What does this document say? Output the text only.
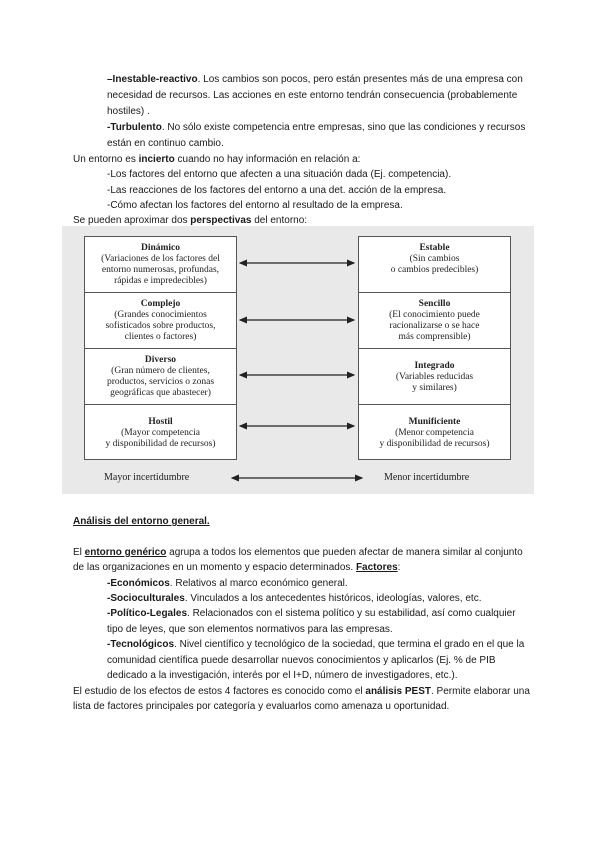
–Inestable-reactivo. Los cambios son pocos, pero están presentes más de una empresa con
necesidad de recursos. Las acciones en este entorno tendrán consecuencia (probablemente
hostiles) .
-Turbulento. No sólo existe competencia entre empresas, sino que las condiciones y recursos
están en continuo cambio.
Un entorno es incierto cuando no hay información en relación a:
-Los factores del entorno que afecten a una situación dada (Ej. competencia).
-Las reacciones de los factores del entorno a una det. acción de la empresa.
-Cómo afectan los factores del entorno al resultado de la empresa.
Se pueden aproximar dos perspectivas del entorno:
Dinámico
(Variaciones de los factores del
entorno numerosas, profundas,
rápidas e impredecibles)
Complejo
(Grandes conocimientos
sofisticados sobre productos,
clientes o factores)
Diverso
(Gran número de clientes,
productos, servicios o zonas
geográficas que abastecer)
Hostil
(Mayor competencia
y disponibilidad de recursos)
Estable
(Sin cambios
o cambios predecibles)
Sencillo
(El conocimiento puede
racionalizarse o se hace
más comprensible)
Integrado
(Variables reducidas
y similares)
Munificiente
(Menor competencia
y disponibilidad de recursos)
Mayor incertidumbre	Menor incertidumbre
Análisis del entorno general.
El entorno genérico agrupa a todos los elementos que pueden afectar de manera similar al conjunto
de las organizaciones en un momento y espacio determinados. Factores:
-Económicos. Relativos al marco económico general.
-Socioculturales. Vinculados a los antecedentes históricos, ideologías, valores, etc.
-Político-Legales. Relacionados con el sistema político y su estabilidad, así como cualquier
tipo de leyes, que son elementos normativos para las empresas.
-Tecnológicos. Nivel científico y tecnológico de la sociedad, que termina el grado en el que la
comunidad científica puede desarrollar nuevos conocimientos y aplicarlos (Ej. % de PIB
dedicado a la investigación, interés por el I+D, número de investigadores, etc.).
El estudio de los efectos de estos 4 factores es conocido como el análisis PEST. Permite elaborar una
lista de factores principales por categoría y evaluarlos como amenaza u oportunidad.
